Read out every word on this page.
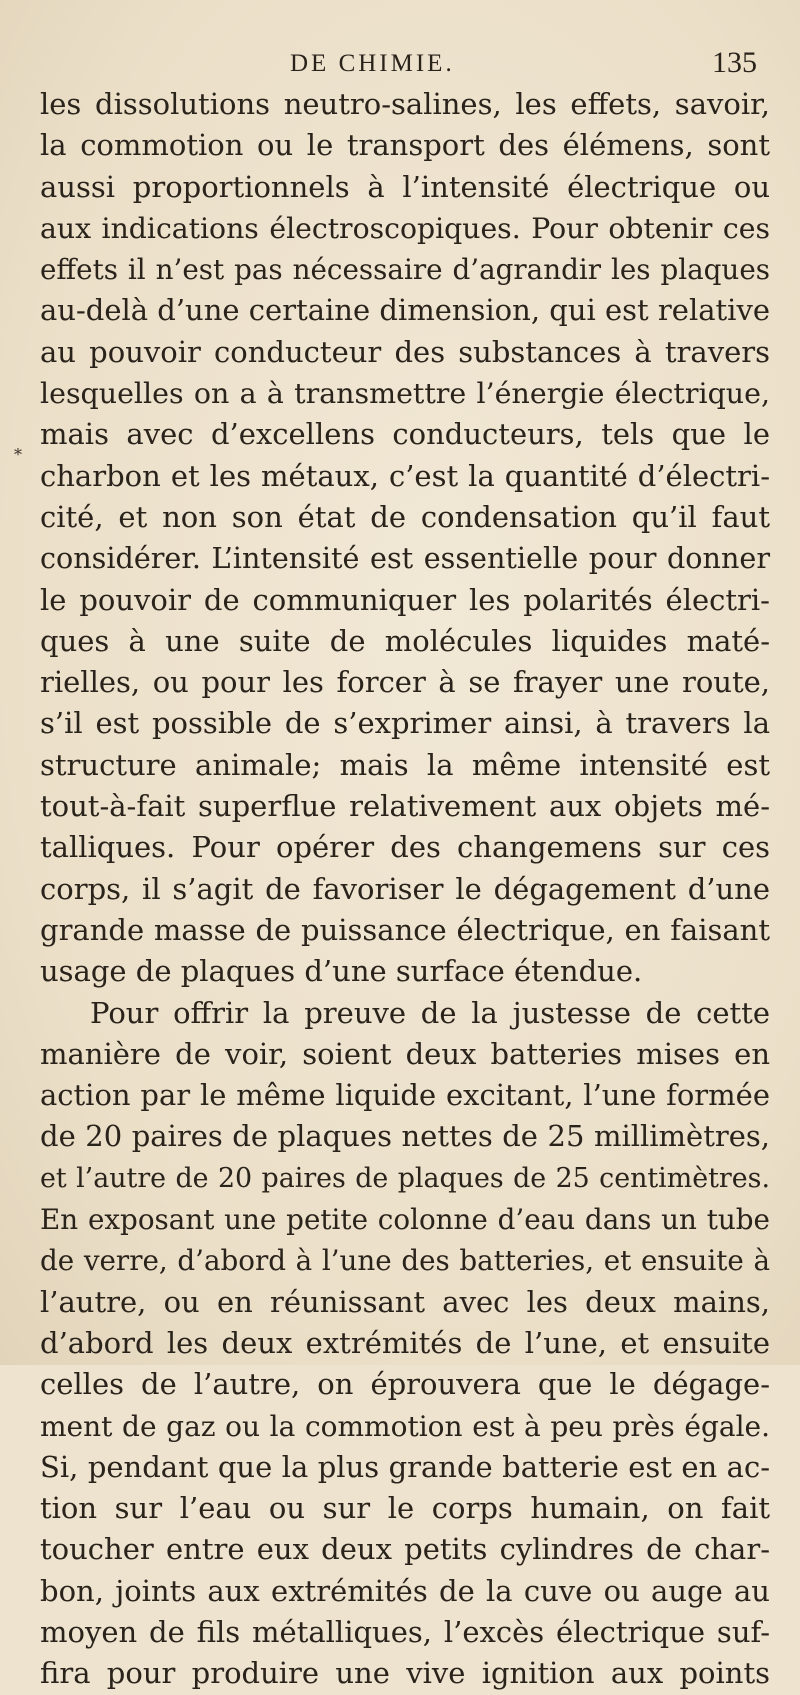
DE CHIMIE.	135
*
les dissolutions neutro-salines, les effets, savoir,
la commotion ou le transport des élémens, sont
aussi proportionnels à l’intensité électrique ou
aux indications électroscopiques. Pour obtenir ces
effets il n’est pas nécessaire d’agrandir les plaques
au-delà d’une certaine dimension, qui est relative
au pouvoir conducteur des substances à travers
lesquelles on a à transmettre l’énergie électrique,
mais avec d’excellens conducteurs, tels que le
charbon et les métaux, c’est la quantité d’électri-
cité, et non son état de condensation qu’il faut
considérer. L’intensité est essentielle pour donner
le pouvoir de communiquer les polarités électri-
ques à une suite de molécules liquides maté-
rielles, ou pour les forcer à se frayer une route,
s’il est possible de s’exprimer ainsi, à travers la
structure animale; mais la même intensité est
tout-à-fait superflue relativement aux objets mé-
talliques. Pour opérer des changemens sur ces
corps, il s’agit de favoriser le dégagement d’une
grande masse de puissance électrique, en faisant
usage de plaques d’une surface étendue.
Pour offrir la preuve de la justesse de cette
manière de voir, soient deux batteries mises en
action par le même liquide excitant, l’une formée
de 20 paires de plaques nettes de 25 millimètres,
et l’autre de 20 paires de plaques de 25 centimètres.
En exposant une petite colonne d’eau dans un tube
de verre, d’abord à l’une des batteries, et ensuite à
l’autre, ou en réunissant avec les deux mains,
d’abord les deux extrémités de l’une, et ensuite
celles de l’autre, on éprouvera que le dégage-
ment de gaz ou la commotion est à peu près égale.
Si, pendant que la plus grande batterie est en ac-
tion sur l’eau ou sur le corps humain, on fait
toucher entre eux deux petits cylindres de char-
bon, joints aux extrémités de la cuve ou auge au
moyen de fils métalliques, l’excès électrique suf-
fira pour produire une vive ignition aux points
